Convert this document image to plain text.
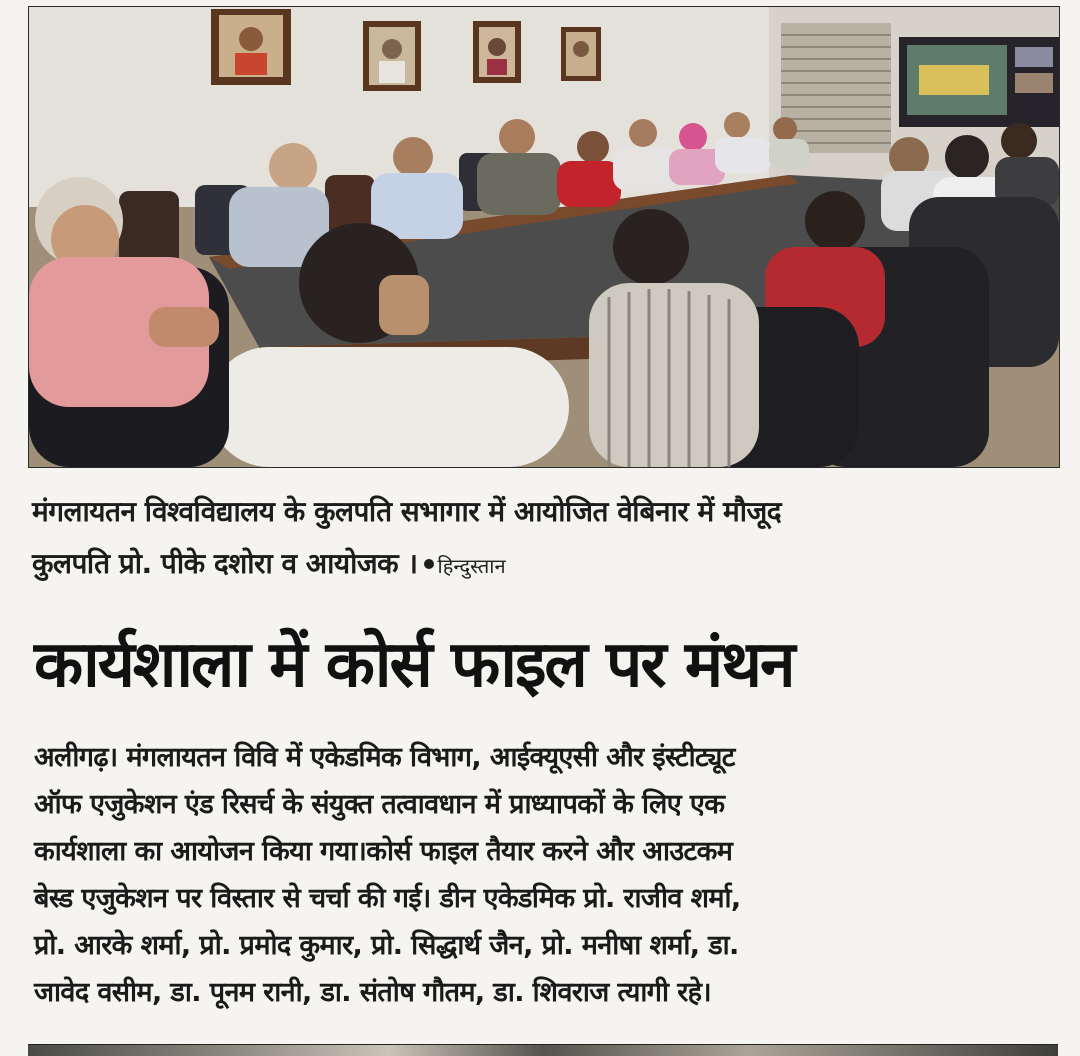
मंगलायतन विश्वविद्यालय के कुलपति सभागार में आयोजित वेबिनार में मौजूद
कुलपति प्रो. पीके दशोरा व आयोजक । हिन्दुस्तान
कार्यशाला में कोर्स फाइल पर मंथन
अलीगढ़। मंगलायतन विवि में एकेडमिक विभाग, आईक्यूएसी और इंस्टीट्यूट
ऑफ एजुकेशन एंड रिसर्च के संयुक्त तत्वावधान में प्राध्यापकों के लिए एक
कार्यशाला का आयोजन किया गया।कोर्स फाइल तैयार करने और आउटकम
बेस्ड एजुकेशन पर विस्तार से चर्चा की गई। डीन एकेडमिक प्रो. राजीव शर्मा,
प्रो. आरके शर्मा, प्रो. प्रमोद कुमार, प्रो. सिद्धार्थ जैन, प्रो. मनीषा शर्मा, डा.
जावेद वसीम, डा. पूनम रानी, डा. संतोष गौतम, डा. शिवराज त्यागी रहे।
